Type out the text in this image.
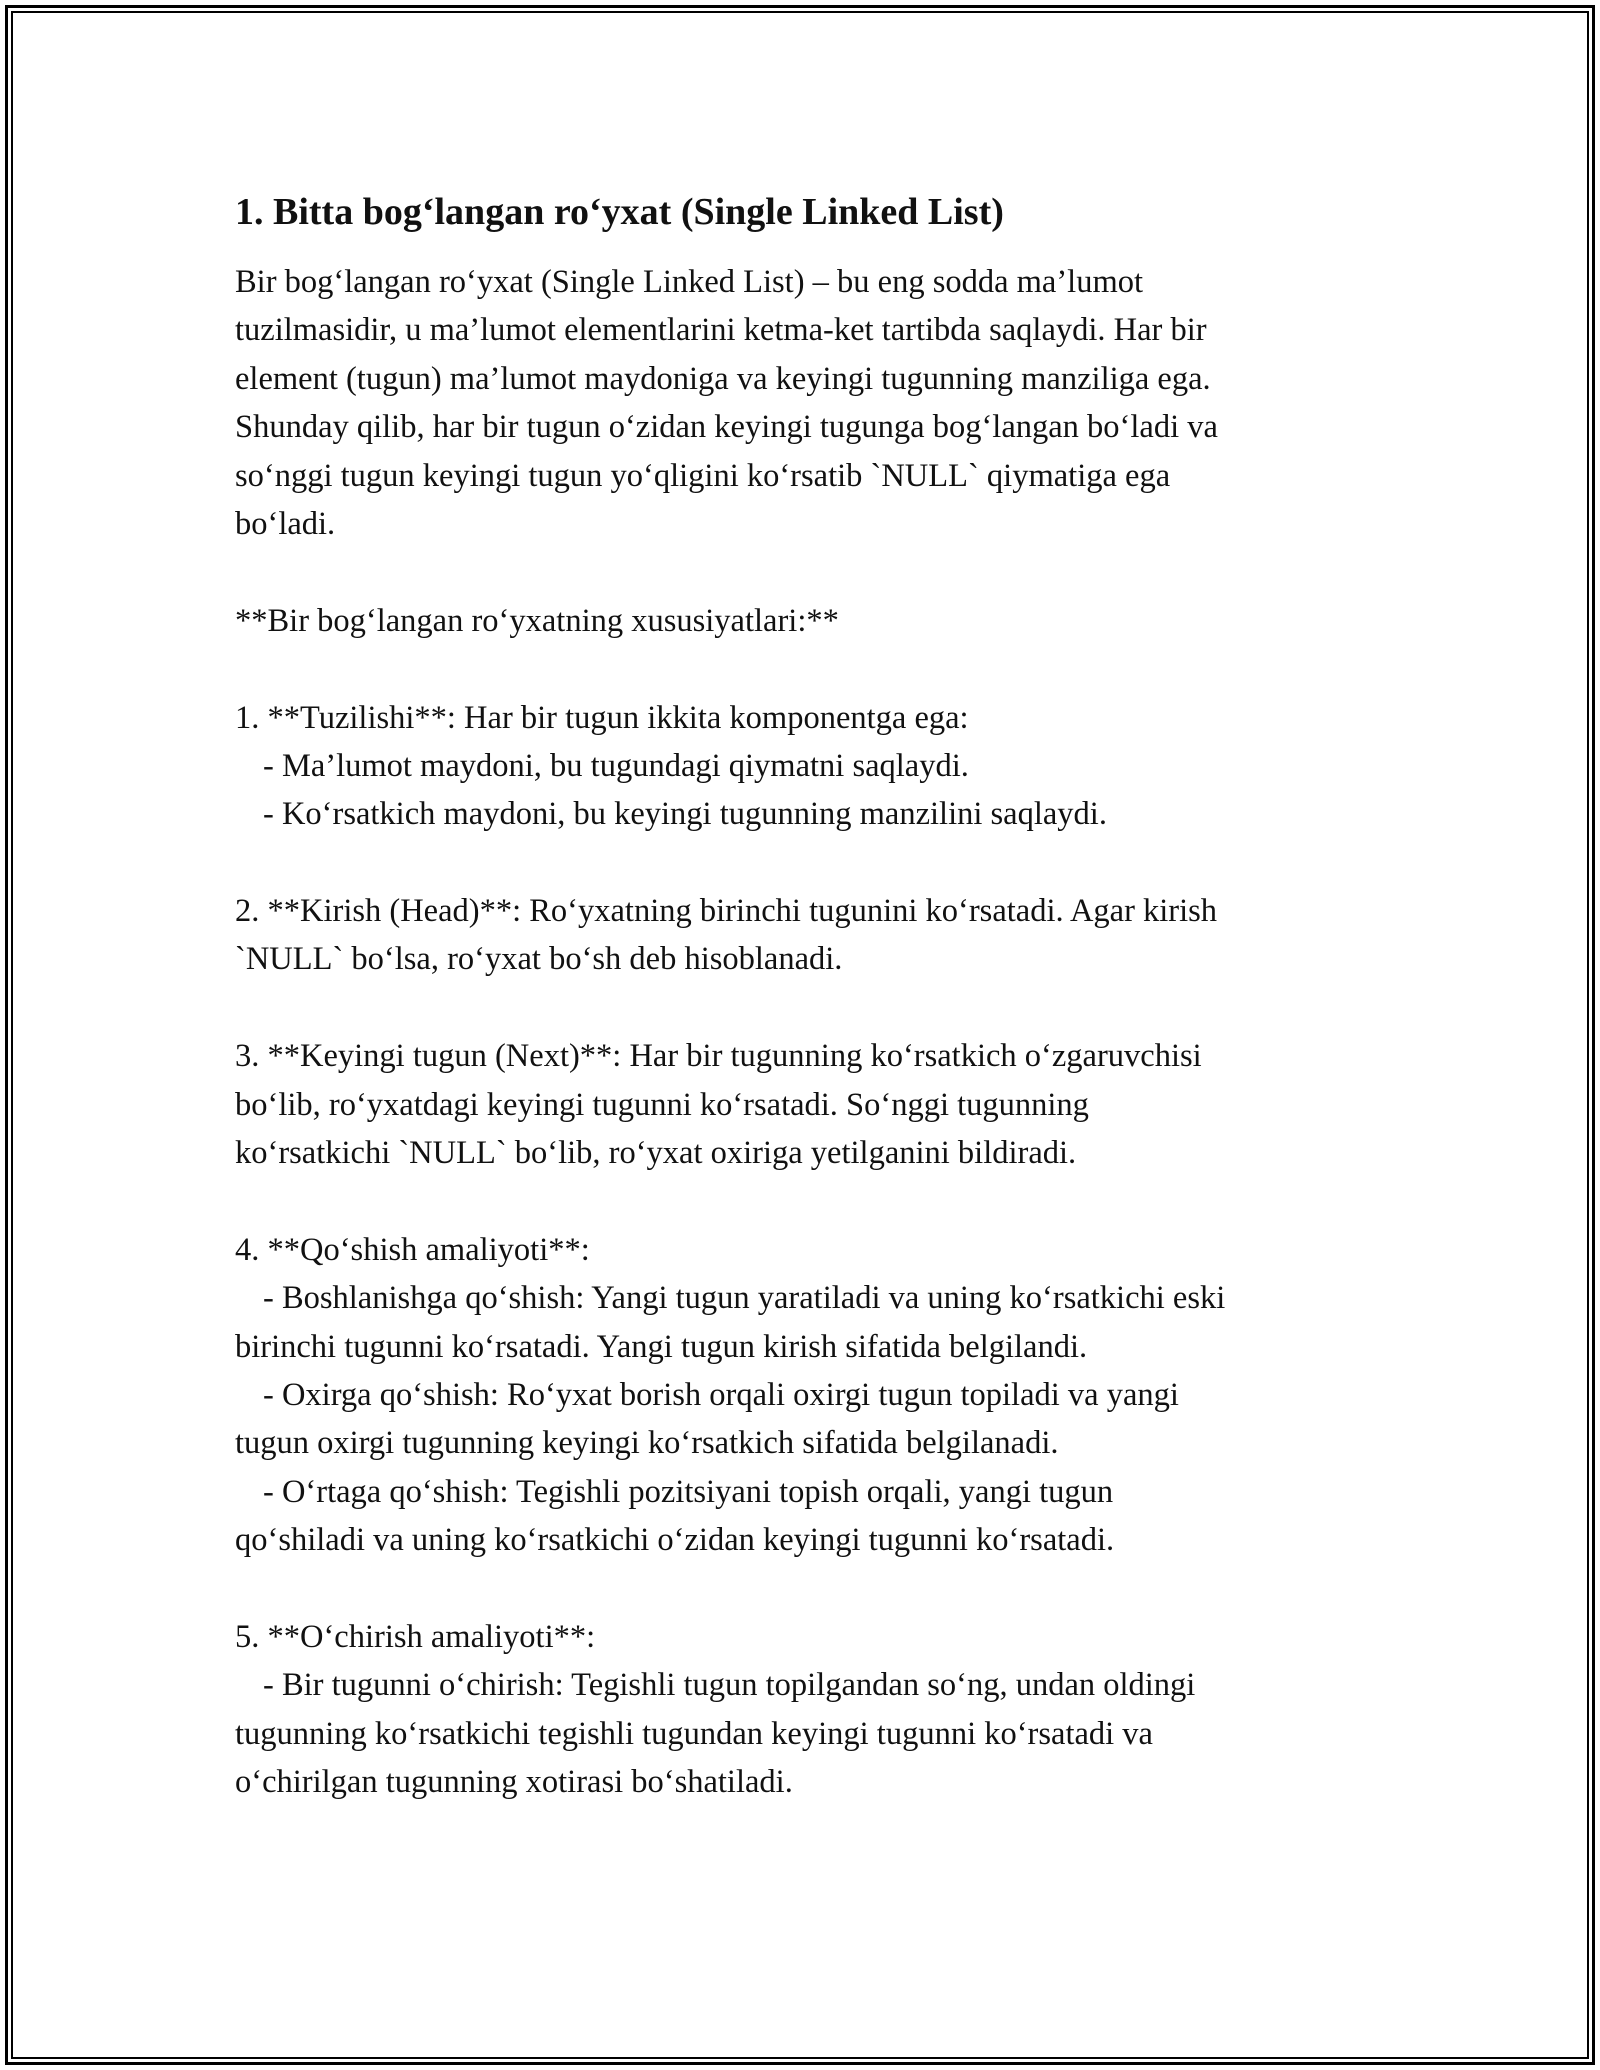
1. Bitta bog‘langan ro‘yxat (Single Linked List)
Bir bog‘langan ro‘yxat (Single Linked List) – bu eng sodda ma’lumot
tuzilmasidir, u ma’lumot elementlarini ketma-ket tartibda saqlaydi. Har bir
element (tugun) ma’lumot maydoniga va keyingi tugunning manziliga ega.
Shunday qilib, har bir tugun o‘zidan keyingi tugunga bog‘langan bo‘ladi va
so‘nggi tugun keyingi tugun yo‘qligini ko‘rsatib `NULL` qiymatiga ega
bo‘ladi.
**Bir bog‘langan ro‘yxatning xususiyatlari:**
1. **Tuzilishi**: Har bir tugun ikkita komponentga ega:
- Ma’lumot maydoni, bu tugundagi qiymatni saqlaydi.
- Ko‘rsatkich maydoni, bu keyingi tugunning manzilini saqlaydi.
2. **Kirish (Head)**: Ro‘yxatning birinchi tugunini ko‘rsatadi. Agar kirish
`NULL` bo‘lsa, ro‘yxat bo‘sh deb hisoblanadi.
3. **Keyingi tugun (Next)**: Har bir tugunning ko‘rsatkich o‘zgaruvchisi
bo‘lib, ro‘yxatdagi keyingi tugunni ko‘rsatadi. So‘nggi tugunning
ko‘rsatkichi `NULL` bo‘lib, ro‘yxat oxiriga yetilganini bildiradi.
4. **Qo‘shish amaliyoti**:
- Boshlanishga qo‘shish: Yangi tugun yaratiladi va uning ko‘rsatkichi eski
birinchi tugunni ko‘rsatadi. Yangi tugun kirish sifatida belgilandi.
- Oxirga qo‘shish: Ro‘yxat borish orqali oxirgi tugun topiladi va yangi
tugun oxirgi tugunning keyingi ko‘rsatkich sifatida belgilanadi.
- O‘rtaga qo‘shish: Tegishli pozitsiyani topish orqali, yangi tugun
qo‘shiladi va uning ko‘rsatkichi o‘zidan keyingi tugunni ko‘rsatadi.
5. **O‘chirish amaliyoti**:
- Bir tugunni o‘chirish: Tegishli tugun topilgandan so‘ng, undan oldingi
tugunning ko‘rsatkichi tegishli tugundan keyingi tugunni ko‘rsatadi va
o‘chirilgan tugunning xotirasi bo‘shatiladi.
